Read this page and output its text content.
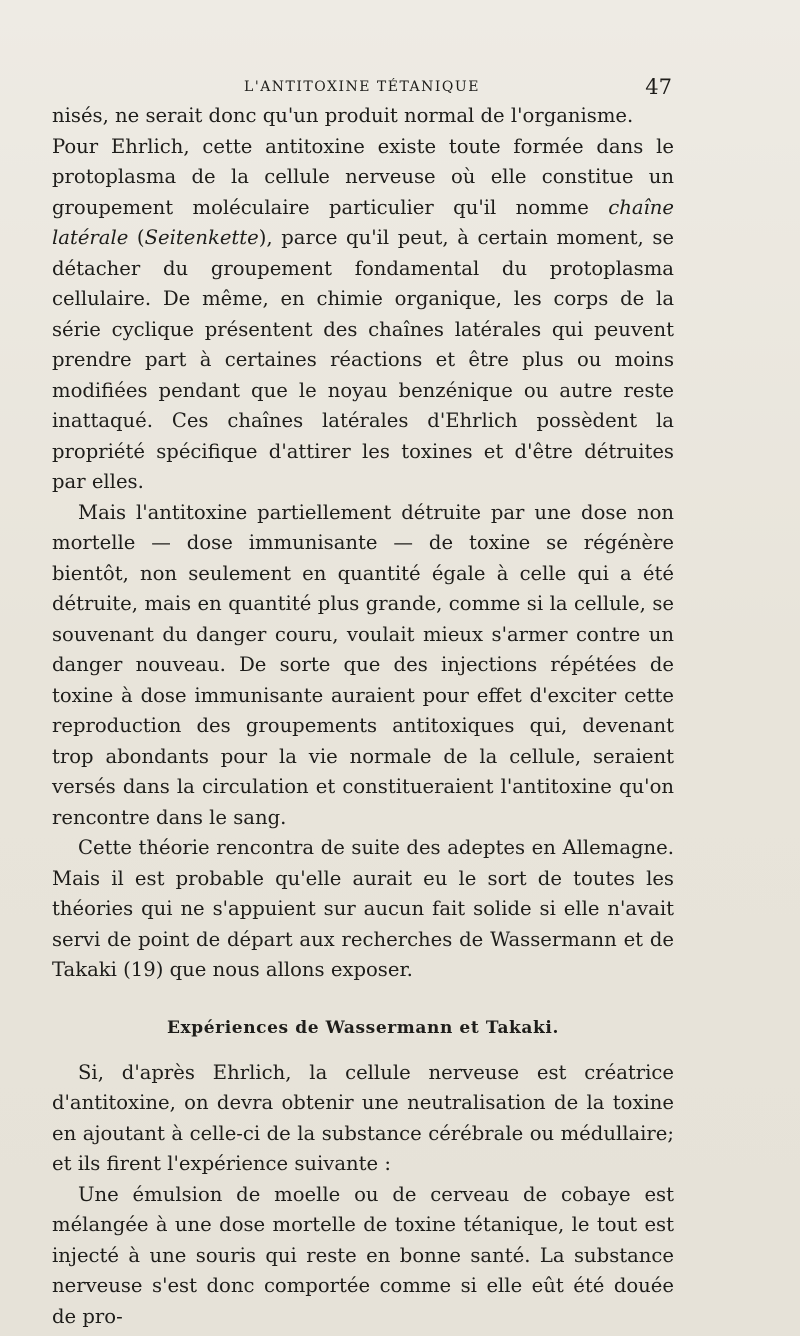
L'ANTITOXINE TÉTANIQUE	47

nisés, ne serait donc qu'un produit normal de l'organisme.

Pour Ehrlich, cette antitoxine existe toute formée dans le protoplasma de la cellule nerveuse où elle constitue un groupement moléculaire particulier qu'il nomme chaîne latérale (Seitenkette), parce qu'il peut, à certain moment, se détacher du groupement fondamental du protoplasma cellulaire. De même, en chimie organique, les corps de la série cyclique présentent des chaînes latérales qui peuvent prendre part à certaines réactions et être plus ou moins modifiées pendant que le noyau benzénique ou autre reste inattaqué. Ces chaînes latérales d'Ehrlich possèdent la propriété spécifique d'attirer les toxines et d'être détruites par elles.

Mais l'antitoxine partiellement détruite par une dose non mortelle — dose immunisante — de toxine se régénère bientôt, non seulement en quantité égale à celle qui a été détruite, mais en quantité plus grande, comme si la cellule, se souvenant du danger couru, voulait mieux s'armer contre un danger nouveau. De sorte que des injections répétées de toxine à dose immunisante auraient pour effet d'exciter cette reproduction des groupements antitoxiques qui, devenant trop abondants pour la vie normale de la cellule, seraient versés dans la circulation et constitueraient l'antitoxine qu'on rencontre dans le sang.

Cette théorie rencontra de suite des adeptes en Allemagne. Mais il est probable qu'elle aurait eu le sort de toutes les théories qui ne s'appuient sur aucun fait solide si elle n'avait servi de point de départ aux recherches de Wassermann et de Takaki (19) que nous allons exposer.

Expériences de Wassermann et Takaki.

Si, d'après Ehrlich, la cellule nerveuse est créatrice d'antitoxine, on devra obtenir une neutralisation de la toxine en ajoutant à celle-ci de la substance cérébrale ou médullaire; et ils firent l'expérience suivante :

Une émulsion de moelle ou de cerveau de cobaye est mélangée à une dose mortelle de toxine tétanique, le tout est injecté à une souris qui reste en bonne santé. La substance nerveuse s'est donc comportée comme si elle eût été douée de pro-
